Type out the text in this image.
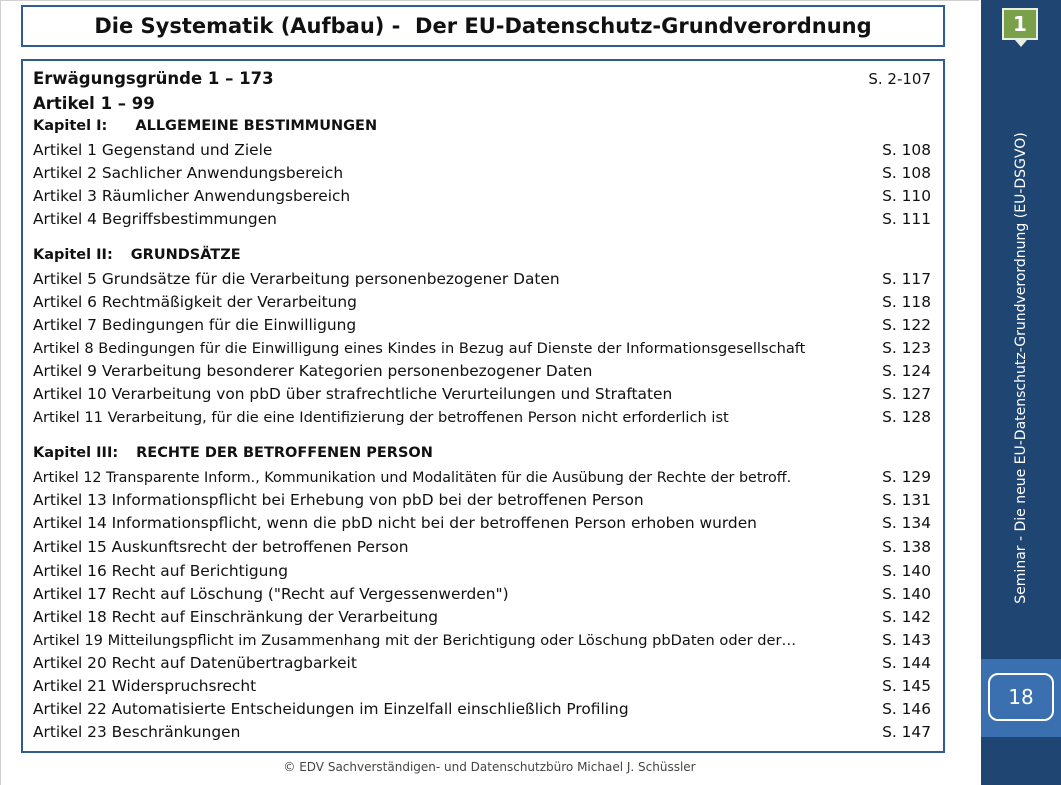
Die Systematik (Aufbau) -  Der EU-Datenschutz-Grundverordnung
Erwägungsgründe 1 – 173	S. 2-107
Artikel 1 – 99
Kapitel I: ALLGEMEINE BESTIMMUNGEN
Artikel 1 Gegenstand und Ziele	S. 108
Artikel 2 Sachlicher Anwendungsbereich	S. 108
Artikel 3 Räumlicher Anwendungsbereich	S. 110
Artikel 4 Begriffsbestimmungen	S. 111
Kapitel II: GRUNDSÄTZE
Artikel 5 Grundsätze für die Verarbeitung personenbezogener Daten	S. 117
Artikel 6 Rechtmäßigkeit der Verarbeitung	S. 118
Artikel 7 Bedingungen für die Einwilligung	S. 122
Artikel 8 Bedingungen für die Einwilligung eines Kindes in Bezug auf Dienste der Informationsgesellschaft	S. 123
Artikel 9 Verarbeitung besonderer Kategorien personenbezogener Daten	S. 124
Artikel 10 Verarbeitung von pbD über strafrechtliche Verurteilungen und Straftaten	S. 127
Artikel 11 Verarbeitung, für die eine Identifizierung der betroffenen Person nicht erforderlich ist	S. 128
Kapitel III: RECHTE DER BETROFFENEN PERSON
Artikel 12 Transparente Inform., Kommunikation und Modalitäten für die Ausübung der Rechte der betroff.	S. 129
Artikel 13 Informationspflicht bei Erhebung von pbD bei der betroffenen Person	S. 131
Artikel 14 Informationspflicht, wenn die pbD nicht bei der betroffenen Person erhoben wurden	S. 134
Artikel 15 Auskunftsrecht der betroffenen Person	S. 138
Artikel 16 Recht auf Berichtigung	S. 140
Artikel 17 Recht auf Löschung ("Recht auf Vergessenwerden")	S. 140
Artikel 18 Recht auf Einschränkung der Verarbeitung	S. 142
Artikel 19 Mitteilungspflicht im Zusammenhang mit der Berichtigung oder Löschung pbDaten oder der…	S. 143
Artikel 20 Recht auf Datenübertragbarkeit	S. 144
Artikel 21 Widerspruchsrecht	S. 145
Artikel 22 Automatisierte Entscheidungen im Einzelfall einschließlich Profiling	S. 146
Artikel 23 Beschränkungen	S. 147
© EDV Sachverständigen- und Datenschutzbüro Michael J. Schüssler
1
Seminar - Die neue EU-Datenschutz-Grundverordnung (EU-DSGVO)
18
